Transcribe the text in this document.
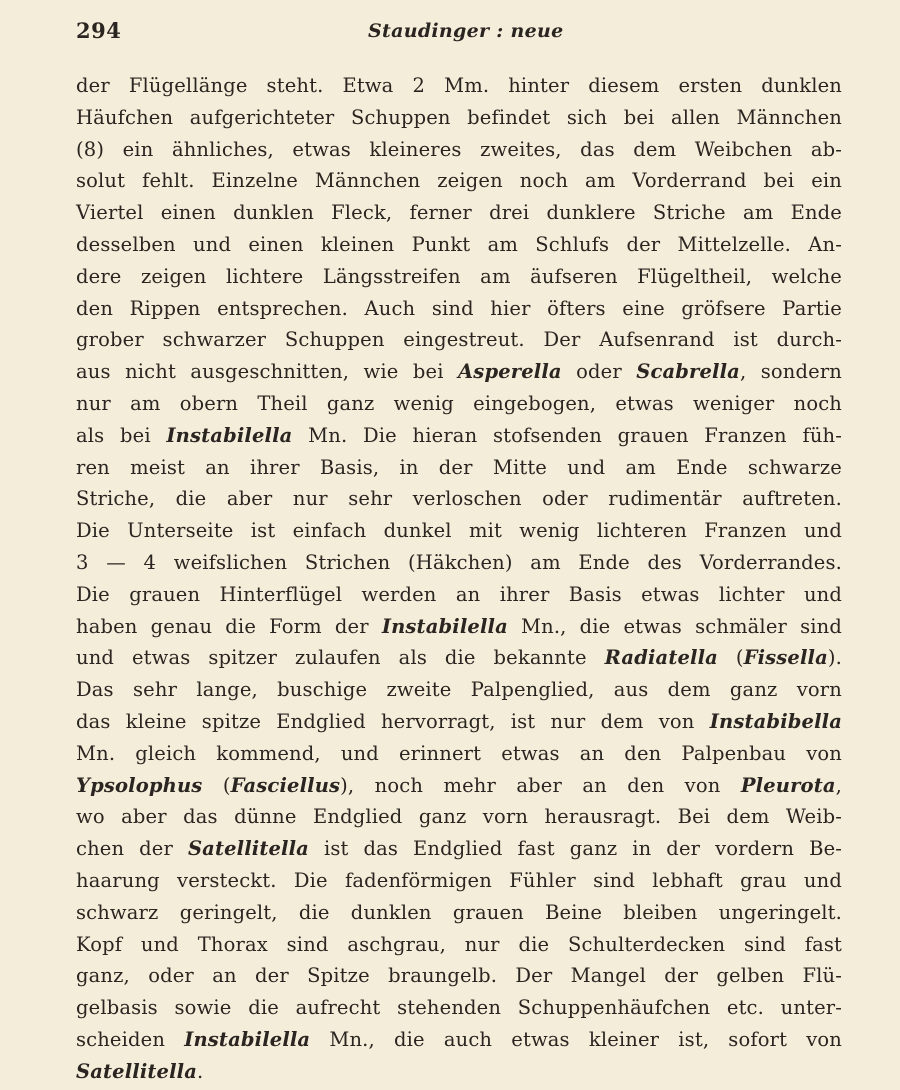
294	Staudinger : neue
der Flügellänge steht. Etwa 2 Mm. hinter diesem ersten dunklen
Häufchen aufgerichteter Schuppen befindet sich bei allen Männchen
(8) ein ähnliches, etwas kleineres zweites, das dem Weibchen ab-
solut fehlt. Einzelne Männchen zeigen noch am Vorderrand bei ein
Viertel einen dunklen Fleck, ferner drei dunklere Striche am Ende
desselben und einen kleinen Punkt am Schlufs der Mittelzelle. An-
dere zeigen lichtere Längsstreifen am äufseren Flügeltheil, welche
den Rippen entsprechen. Auch sind hier öfters eine gröfsere Partie
grober schwarzer Schuppen eingestreut. Der Aufsenrand ist durch-
aus nicht ausgeschnitten, wie bei Asperella oder Scabrella, sondern
nur am obern Theil ganz wenig eingebogen, etwas weniger noch
als bei Instabilella Mn. Die hieran stofsenden grauen Franzen füh-
ren meist an ihrer Basis, in der Mitte und am Ende schwarze
Striche, die aber nur sehr verloschen oder rudimentär auftreten.
Die Unterseite ist einfach dunkel mit wenig lichteren Franzen und
3 — 4 weifslichen Strichen (Häkchen) am Ende des Vorderrandes.
Die grauen Hinterflügel werden an ihrer Basis etwas lichter und
haben genau die Form der Instabilella Mn., die etwas schmäler sind
und etwas spitzer zulaufen als die bekannte Radiatella (Fissella).
Das sehr lange, buschige zweite Palpenglied, aus dem ganz vorn
das kleine spitze Endglied hervorragt, ist nur dem von Instabibella
Mn. gleich kommend, und erinnert etwas an den Palpenbau von
Ypsolophus (Fasciellus), noch mehr aber an den von Pleurota,
wo aber das dünne Endglied ganz vorn herausragt. Bei dem Weib-
chen der Satellitella ist das Endglied fast ganz in der vordern Be-
haarung versteckt. Die fadenförmigen Fühler sind lebhaft grau und
schwarz geringelt, die dunklen grauen Beine bleiben ungeringelt.
Kopf und Thorax sind aschgrau, nur die Schulterdecken sind fast
ganz, oder an der Spitze braungelb. Der Mangel der gelben Flü-
gelbasis sowie die aufrecht stehenden Schuppenhäufchen etc. unter-
scheiden Instabilella Mn., die auch etwas kleiner ist, sofort von
Satellitella.
